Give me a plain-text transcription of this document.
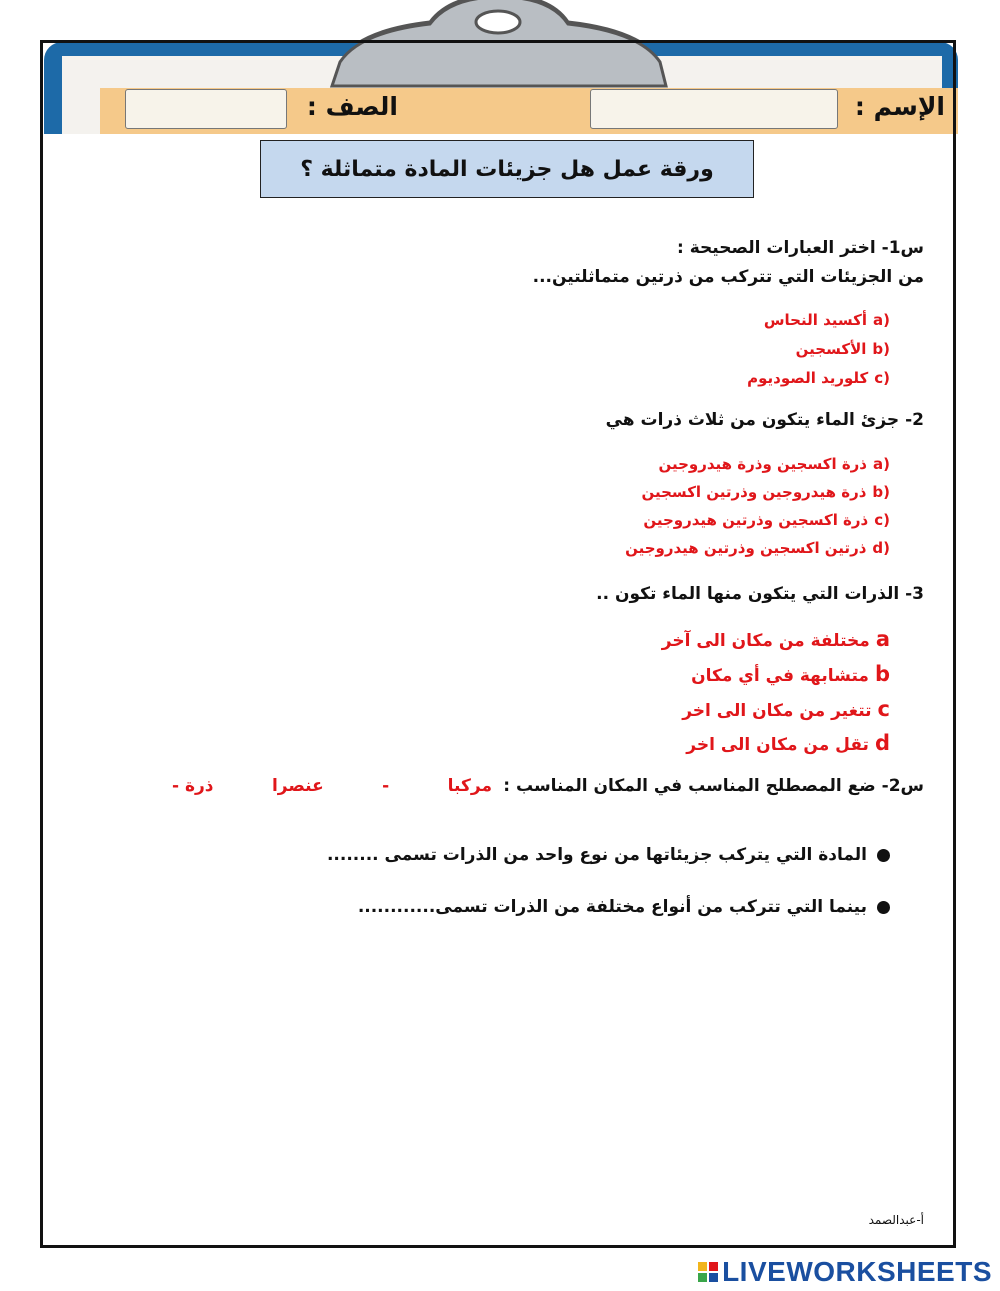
الإسم :
الصف :
ورقة عمل هل جزيئات المادة متماثلة ؟
س1- اختر العبارات الصحيحة :
من الجزيئات التي تتركب من ذرتين متماثلتين...
a)
أكسيد النحاس
b)
الأكسجين
c)
كلوريد الصوديوم
2- جزئ الماء يتكون من ثلاث ذرات هي
a)
ذرة اكسجين وذرة هيدروجين
b)
ذرة هيدروجين وذرتين اكسجين
c)
ذرة اكسجين وذرتين هيدروجين
d)
ذرتين اكسجين وذرتين هيدروجين
3- الذرات التي يتكون منها الماء تكون ..
a
مختلفة من مكان الى آخر
b
متشابهة في أي مكان
c
تتغير من مكان الى اخر
d
تقل من مكان الى اخر
س2- ضع المصطلح المناسب في المكان المناسب :
مركبا
-
عنصرا
- ذرة
المادة التي يتركب جزيئاتها من نوع واحد من الذرات تسمى ........
بينما التي تتركب من أنواع مختلفة من الذرات تسمى............
أ-عبدالصمد
LIVEWORKSHEETS
